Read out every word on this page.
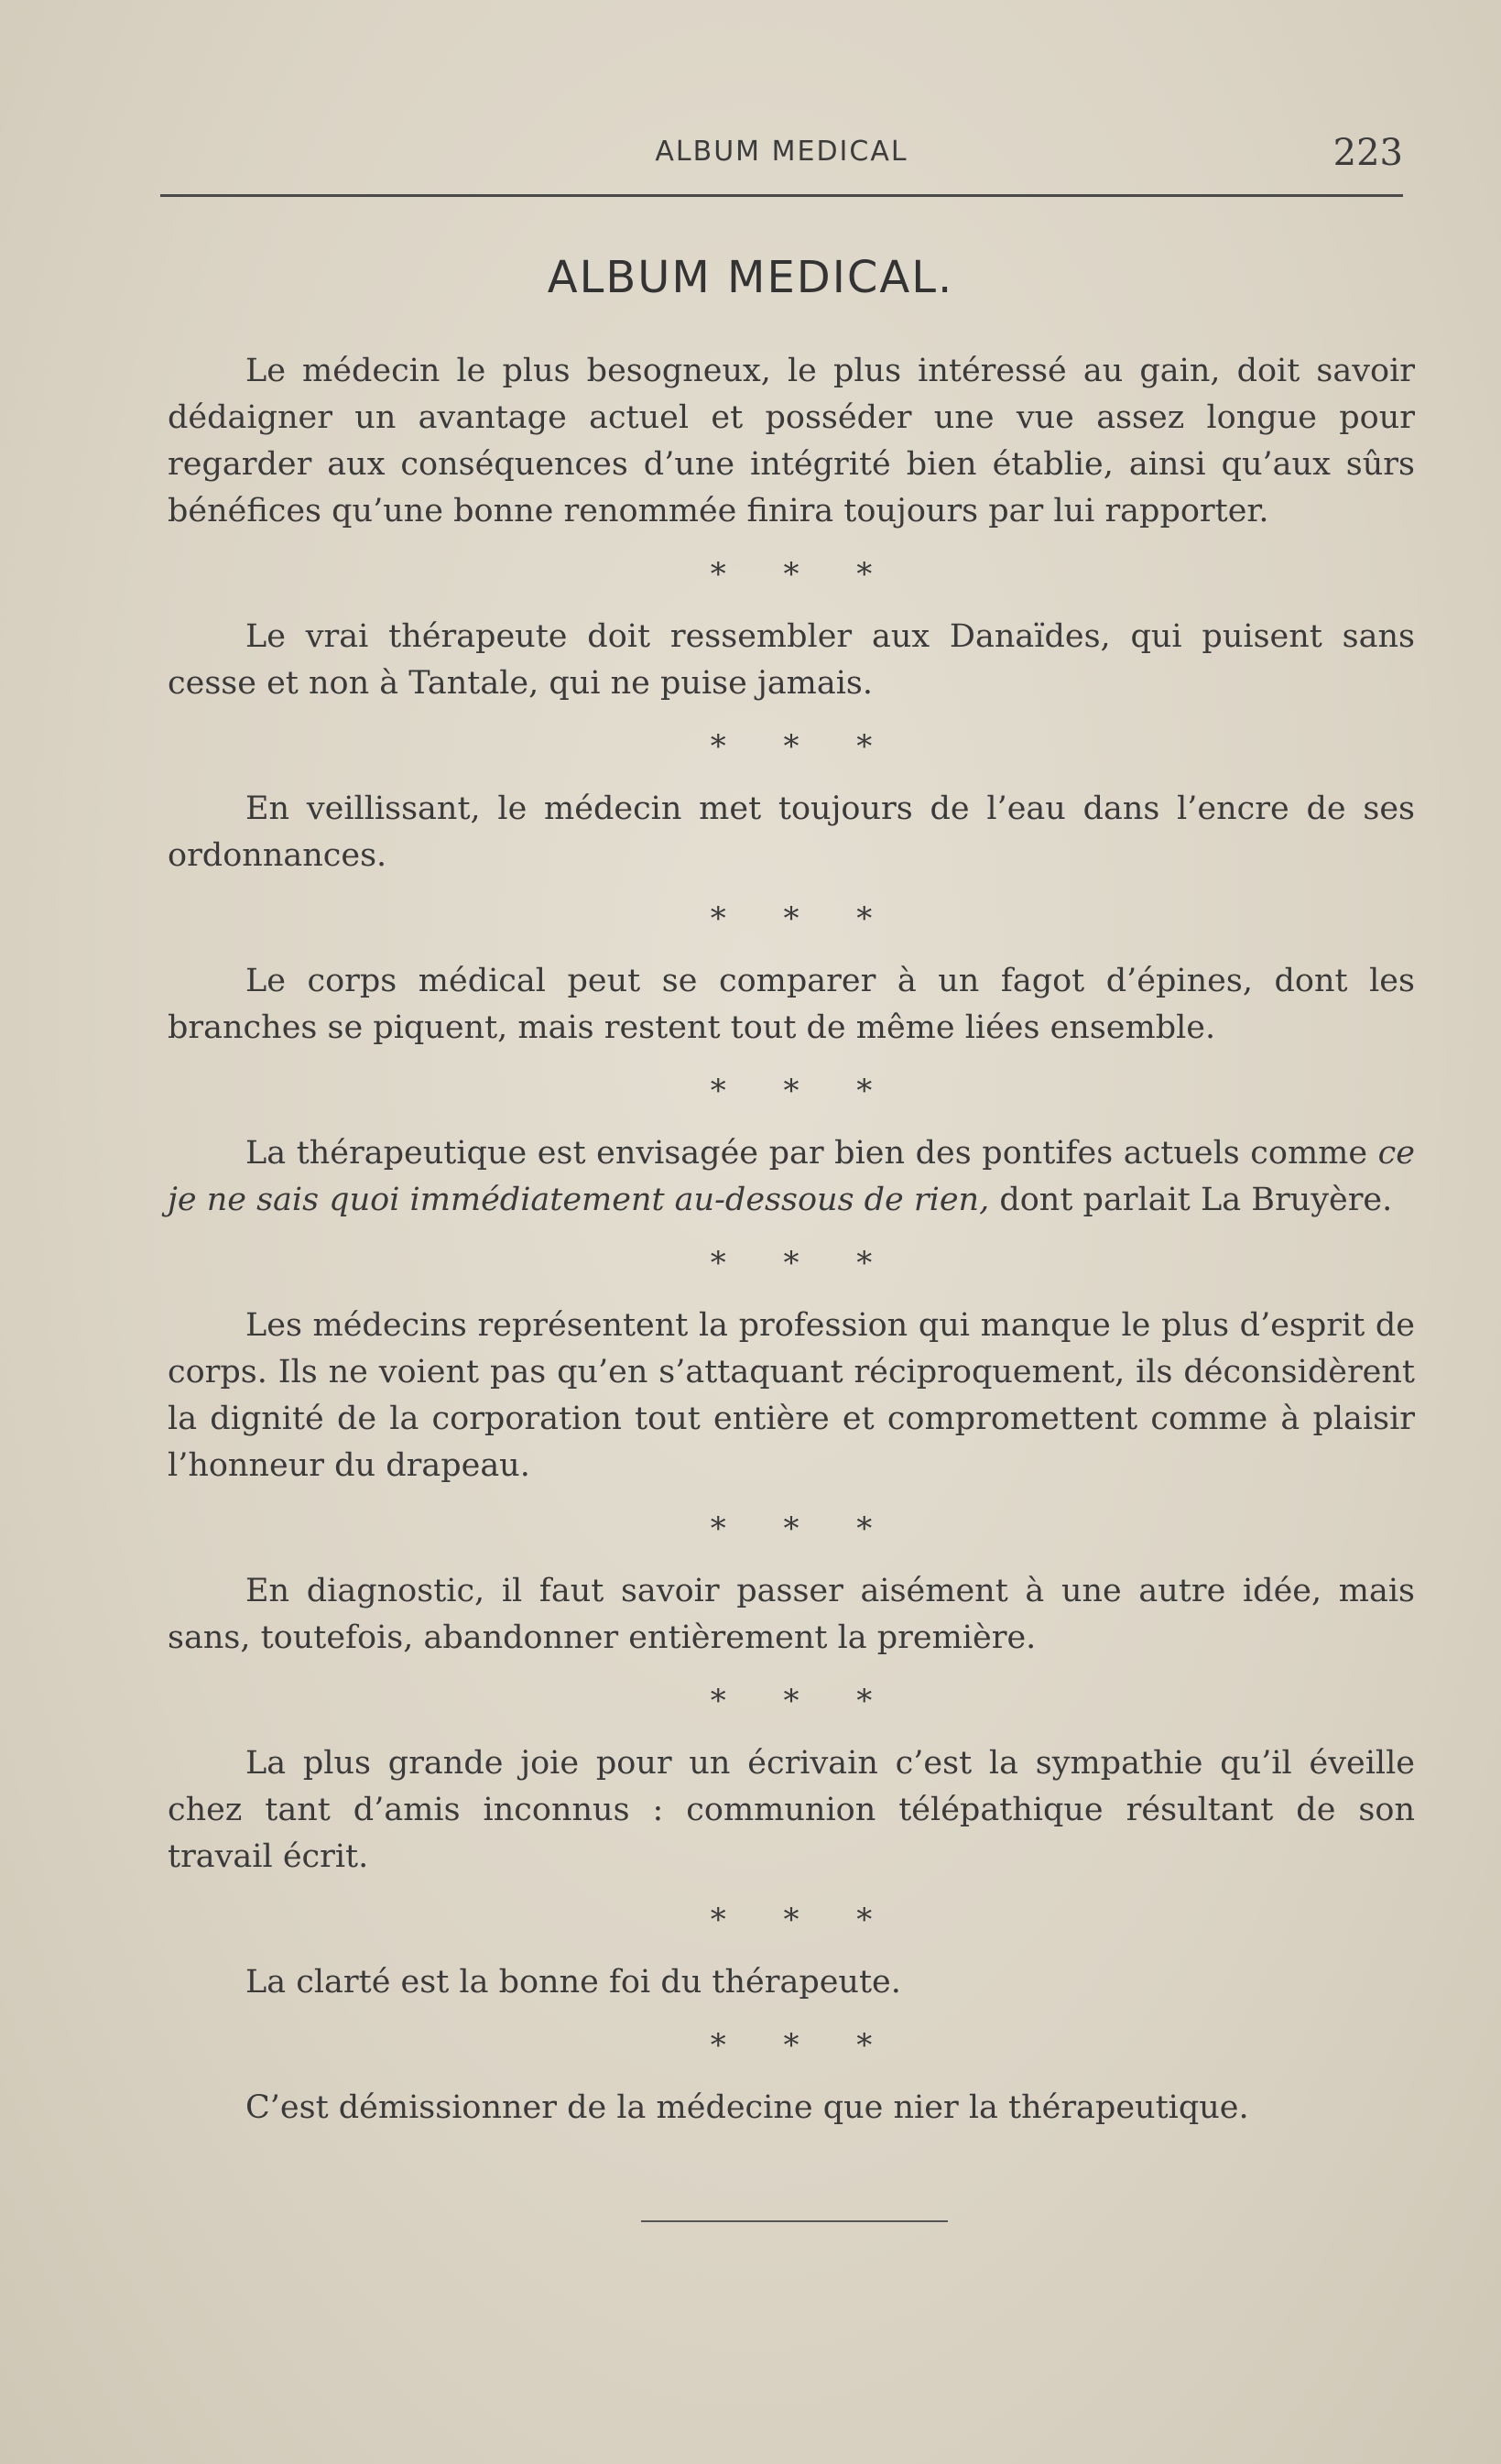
ALBUM MEDICAL	223
ALBUM MEDICAL.

Le médecin le plus besogneux, le plus intéressé au gain, doit savoir dédaigner un avantage actuel et posséder une vue assez longue pour regarder aux conséquences d’une intégrité bien établie, ainsi qu’aux sûrs bénéfices qu’une bonne renommée finira toujours par lui rapporter.

* * *

Le vrai thérapeute doit ressembler aux Danaïdes, qui puisent sans cesse et non à Tantale, qui ne puise jamais.

* * *

En veillissant, le médecin met toujours de l’eau dans l’encre de ses ordonnances.

* * *

Le corps médical peut se comparer à un fagot d’épines, dont les branches se piquent, mais restent tout de même liées ensemble.

* * *

La thérapeutique est envisagée par bien des pontifes actuels comme ce je ne sais quoi immédiatement au-dessous de rien, dont parlait La Bruyère.

* * *

Les médecins représentent la profession qui manque le plus d’esprit de corps. Ils ne voient pas qu’en s’attaquant réciproquement, ils déconsidèrent la dignité de la corporation tout entière et compromettent comme à plaisir l’honneur du drapeau.

* * *

En diagnostic, il faut savoir passer aisément à une autre idée, mais sans, toutefois, abandonner entièrement la première.

* * *

La plus grande joie pour un écrivain c’est la sympathie qu’il éveille chez tant d’amis inconnus : communion télépathique résultant de son travail écrit.

* * *

La clarté est la bonne foi du thérapeute.

* * *

C’est démissionner de la médecine que nier la thérapeutique.
